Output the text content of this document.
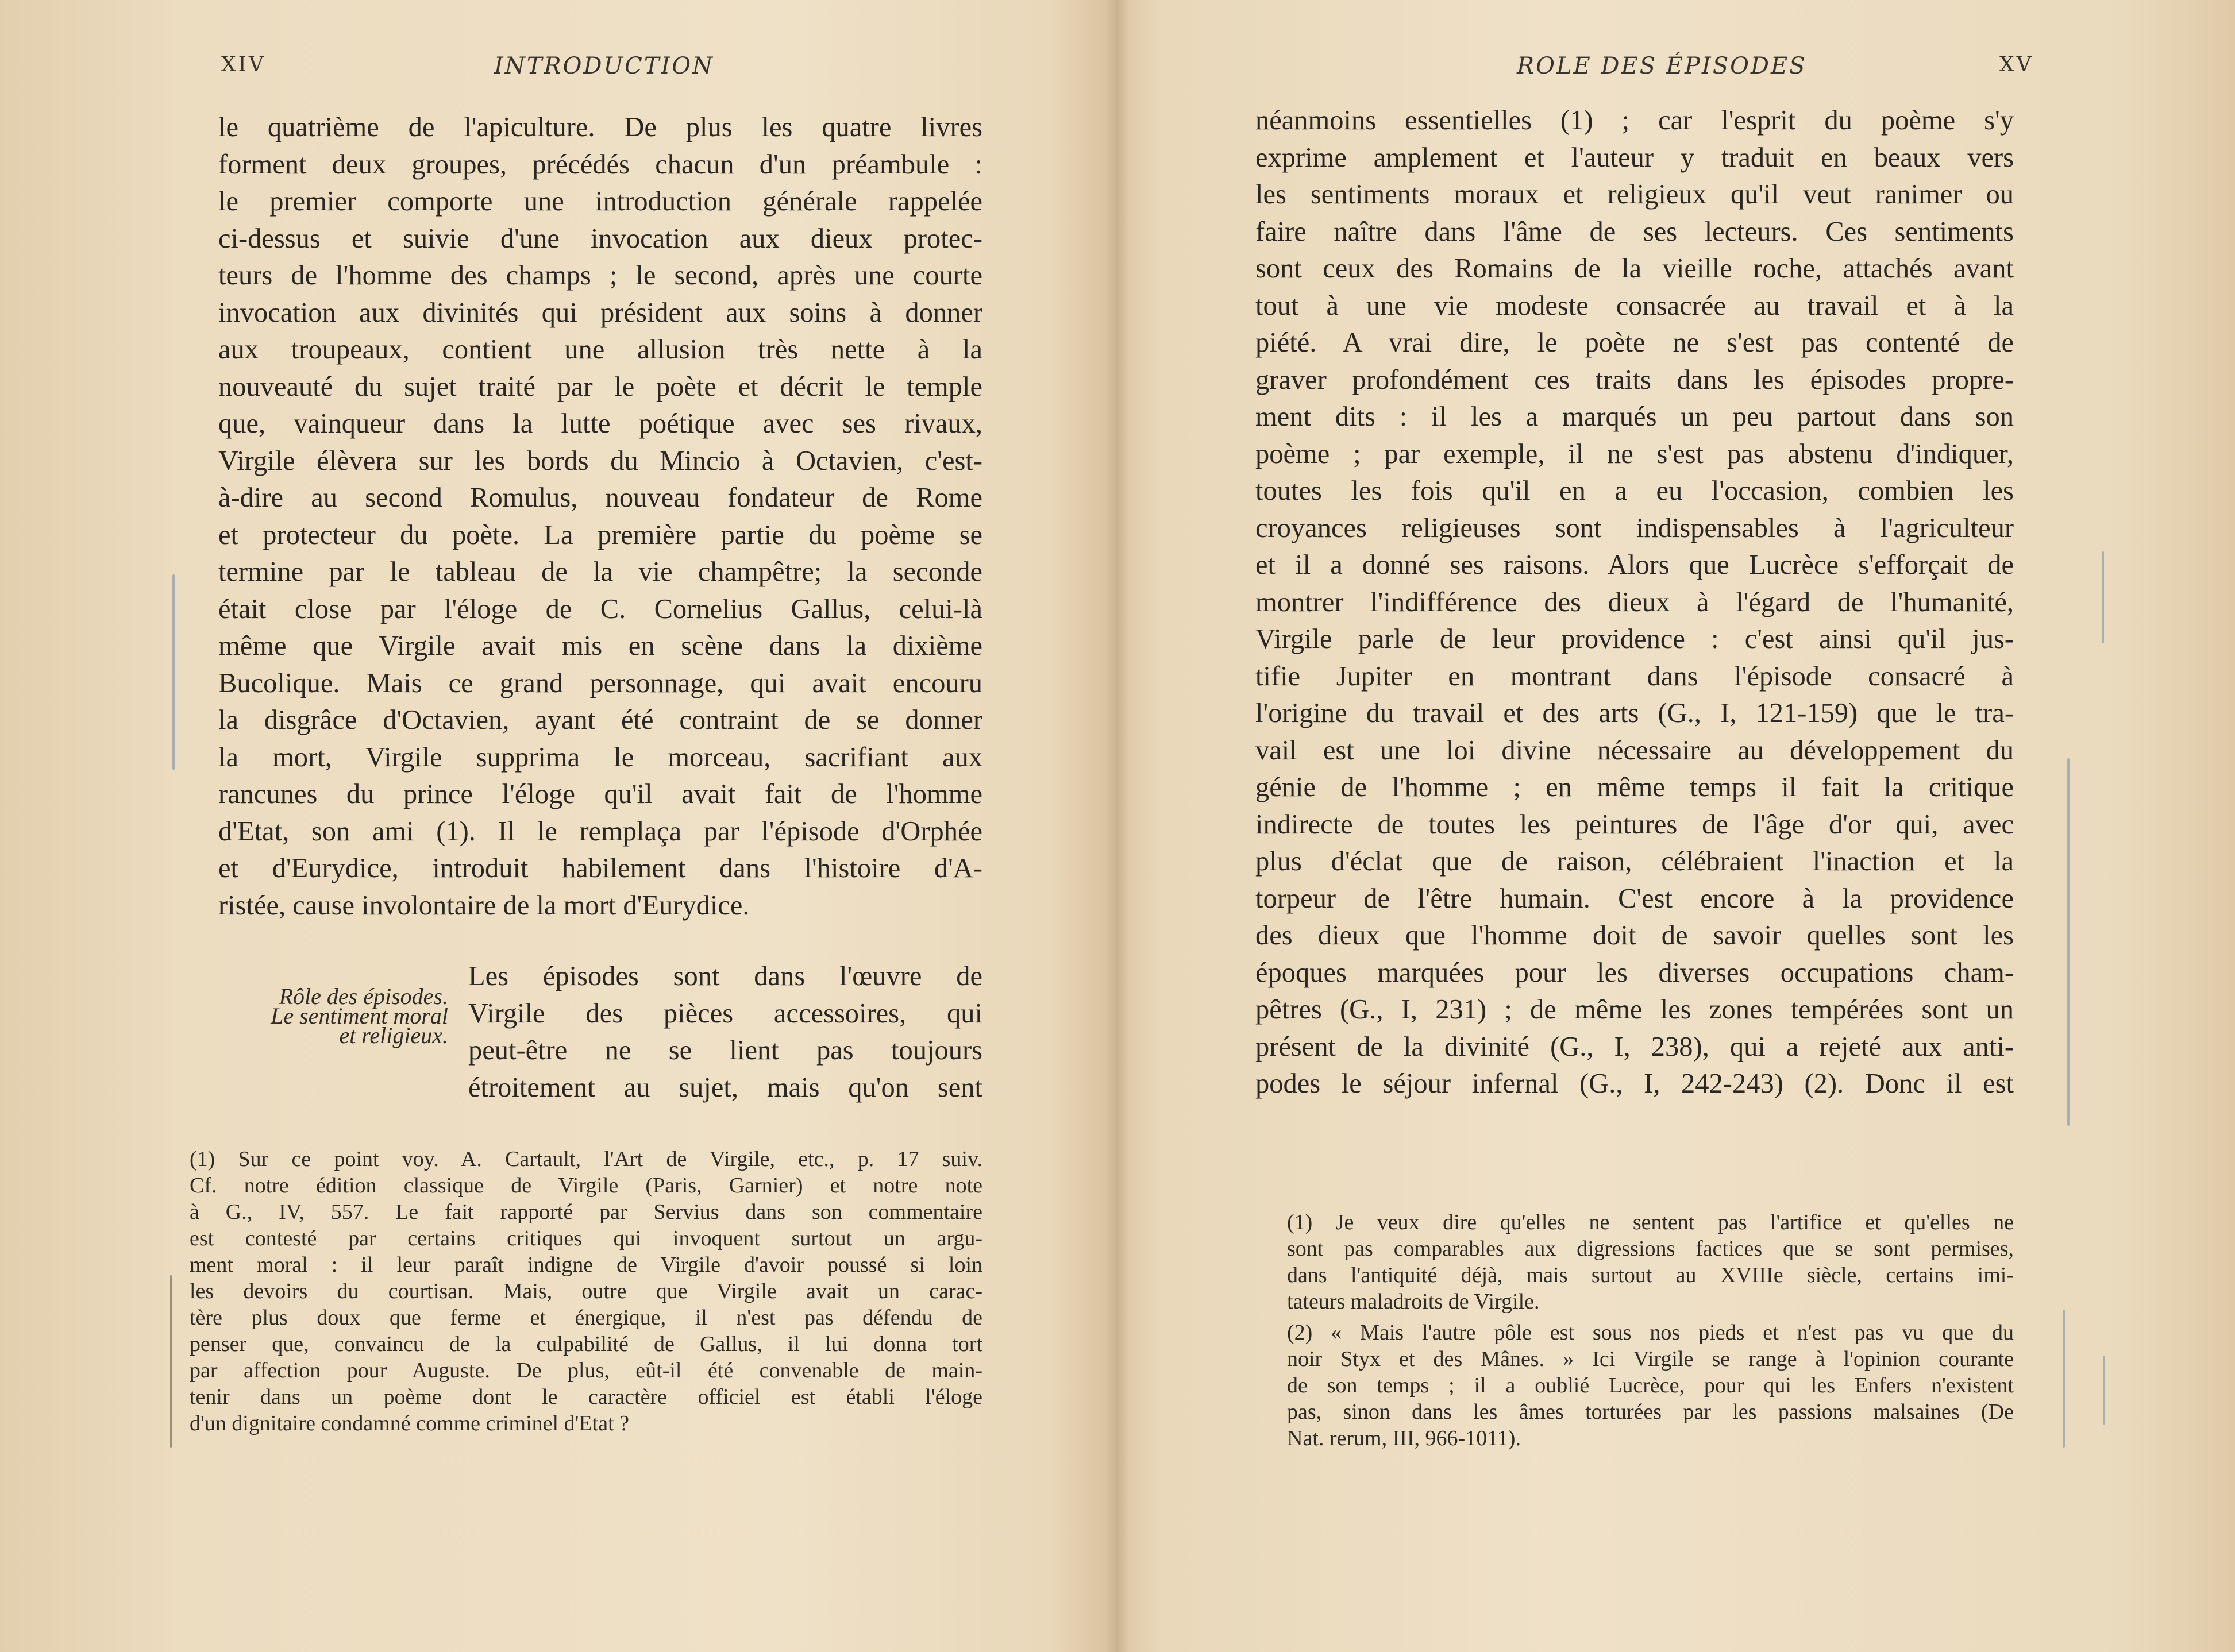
XIV	INTRODUCTION
le quatrième de l'apiculture. De plus les quatre livres
forment deux groupes, précédés chacun d'un préambule :
le premier comporte une introduction générale rappelée
ci-dessus et suivie d'une invocation aux dieux protec-
teurs de l'homme des champs ; le second, après une courte
invocation aux divinités qui président aux soins à donner
aux troupeaux, contient une allusion très nette à la
nouveauté du sujet traité par le poète et décrit le temple
que, vainqueur dans la lutte poétique avec ses rivaux,
Virgile élèvera sur les bords du Mincio à Octavien, c'est-
à-dire au second Romulus, nouveau fondateur de Rome
et protecteur du poète. La première partie du poème se
termine par le tableau de la vie champêtre; la seconde
était close par l'éloge de C. Cornelius Gallus, celui-là
même que Virgile avait mis en scène dans la dixième
Bucolique. Mais ce grand personnage, qui avait encouru
la disgrâce d'Octavien, ayant été contraint de se donner
la mort, Virgile supprima le morceau, sacrifiant aux
rancunes du prince l'éloge qu'il avait fait de l'homme
d'Etat, son ami (1). Il le remplaça par l'épisode d'Orphée
et d'Eurydice, introduit habilement dans l'histoire d'A-
ristée, cause involontaire de la mort d'Eurydice.
Rôle des épisodes.
Le sentiment moral
et religieux.
Les épisodes sont dans l'œuvre de
Virgile des pièces accessoires, qui
peut-être ne se lient pas toujours
étroitement au sujet, mais qu'on sent
(1) Sur ce point voy. A. Cartault, l'Art de Virgile, etc., p. 17 suiv.
Cf. notre édition classique de Virgile (Paris, Garnier) et notre note
à G., IV, 557. Le fait rapporté par Servius dans son commentaire
est contesté par certains critiques qui invoquent surtout un argu-
ment moral : il leur paraît indigne de Virgile d'avoir poussé si loin
les devoirs du courtisan. Mais, outre que Virgile avait un carac-
tère plus doux que ferme et énergique, il n'est pas défendu de
penser que, convaincu de la culpabilité de Gallus, il lui donna tort
par affection pour Auguste. De plus, eût-il été convenable de main-
tenir dans un poème dont le caractère officiel est établi l'éloge
d'un dignitaire condamné comme criminel d'Etat ?
ROLE DES ÉPISODES	XV
néanmoins essentielles (1) ; car l'esprit du poème s'y
exprime amplement et l'auteur y traduit en beaux vers
les sentiments moraux et religieux qu'il veut ranimer ou
faire naître dans l'âme de ses lecteurs. Ces sentiments
sont ceux des Romains de la vieille roche, attachés avant
tout à une vie modeste consacrée au travail et à la
piété. A vrai dire, le poète ne s'est pas contenté de
graver profondément ces traits dans les épisodes propre-
ment dits : il les a marqués un peu partout dans son
poème ; par exemple, il ne s'est pas abstenu d'indiquer,
toutes les fois qu'il en a eu l'occasion, combien les
croyances religieuses sont indispensables à l'agriculteur
et il a donné ses raisons. Alors que Lucrèce s'efforçait de
montrer l'indifférence des dieux à l'égard de l'humanité,
Virgile parle de leur providence : c'est ainsi qu'il jus-
tifie Jupiter en montrant dans l'épisode consacré à
l'origine du travail et des arts (G., I, 121-159) que le tra-
vail est une loi divine nécessaire au développement du
génie de l'homme ; en même temps il fait la critique
indirecte de toutes les peintures de l'âge d'or qui, avec
plus d'éclat que de raison, célébraient l'inaction et la
torpeur de l'être humain. C'est encore à la providence
des dieux que l'homme doit de savoir quelles sont les
époques marquées pour les diverses occupations cham-
pêtres (G., I, 231) ; de même les zones tempérées sont un
présent de la divinité (G., I, 238), qui a rejeté aux anti-
podes le séjour infernal (G., I, 242-243) (2). Donc il est
(1) Je veux dire qu'elles ne sentent pas l'artifice et qu'elles ne
sont pas comparables aux digressions factices que se sont permises,
dans l'antiquité déjà, mais surtout au XVIIIe siècle, certains imi-
tateurs maladroits de Virgile.
(2) « Mais l'autre pôle est sous nos pieds et n'est pas vu que du
noir Styx et des Mânes. » Ici Virgile se range à l'opinion courante
de son temps ; il a oublié Lucrèce, pour qui les Enfers n'existent
pas, sinon dans les âmes torturées par les passions malsaines (De
Nat. rerum, III, 966-1011).
